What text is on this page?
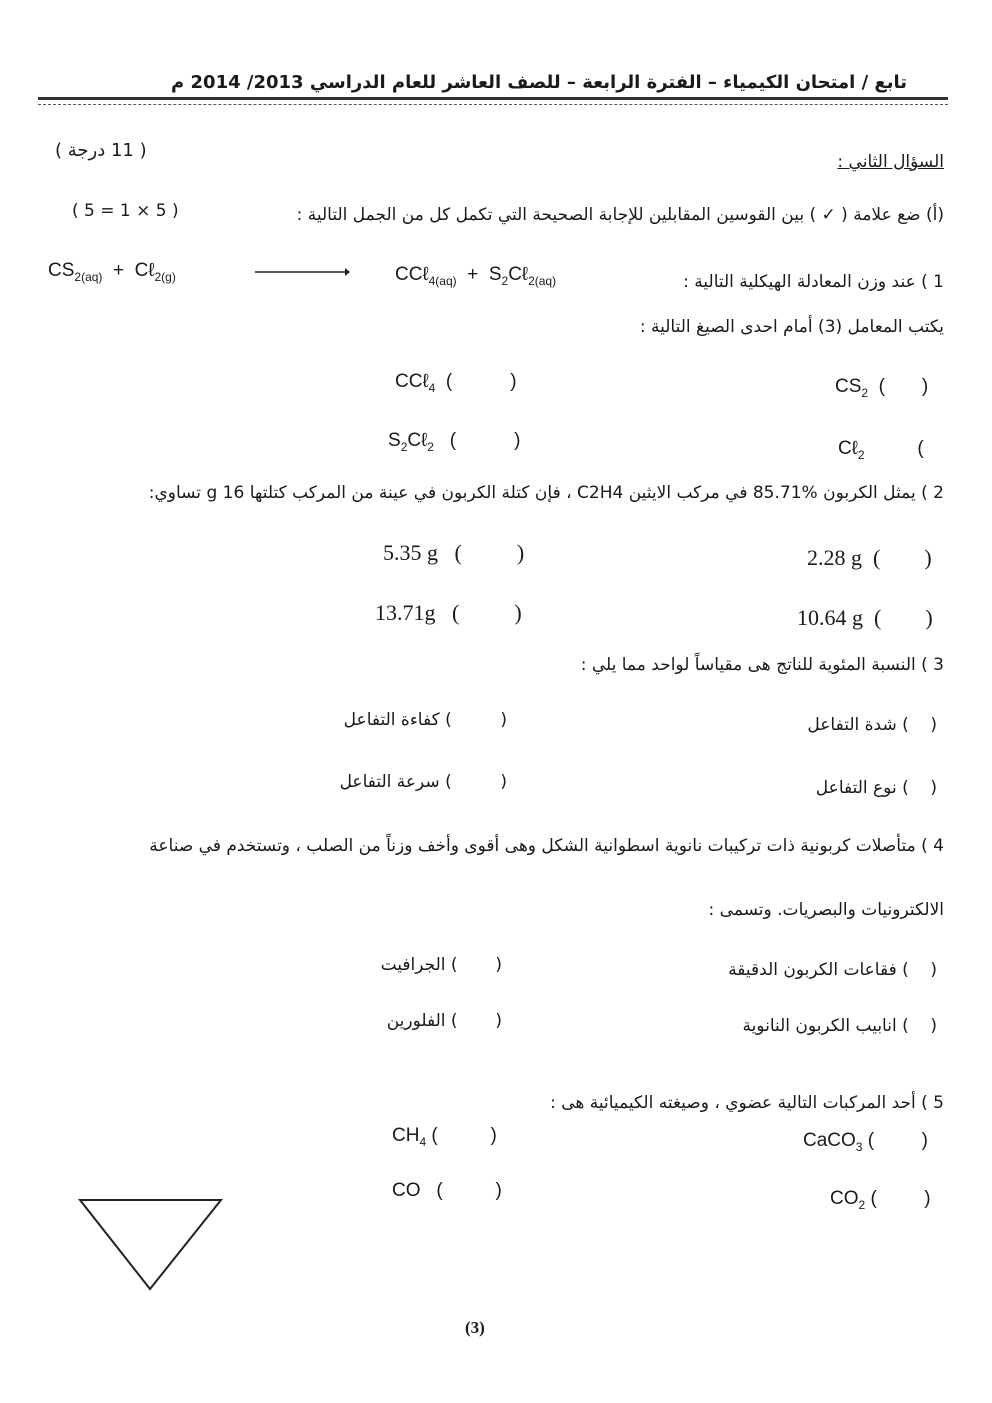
تابع / امتحان الكيمياء – الفترة الرابعة – للصف العاشر للعام الدراسي 2013/ 2014 م
( 11 درجة )
السؤال الثاني :
(أ) ضع علامة ( ✓ ) بين القوسين المقابلين للإجابة الصحيحة التي تكمل كل من الجمل التالية :
( 5 = 1 × 5 )
$CS_{2(aq)}$  +  Cℓ$_{2(g)}$	CCℓ$_{4(aq)}$  +  $S_2C\ell_{2(aq)}$	1 ) عند وزن المعادلة الهيكلية التالية :
يكتب المعامل (3) أمام احدى الصيغ التالية :
$CS_2$  (       )
CCℓ$_4$  (           )
Cℓ$_2$          (
$S_2C\ell_2$   (           )
2 ) يمثل الكربون %85.71 في مركب الايثين C2H4 ، فإن كتلة الكربون في عينة من المركب كتلتها 16 g تساوي:
2.28 g  (        )
5.35 g   (          )
10.64 g  (        )
13.71g   (          )
3 ) النسبة المئوية للناتج هى مقياساً لواحد مما يلي :
(    ) شدة التفاعل
(         ) كفاءة التفاعل
(    ) نوع التفاعل
(         ) سرعة التفاعل
4 ) متأصلات كربونية ذات تركيبات نانوية اسطوانية الشكل وهى أقوى وأخف وزناً من الصلب ، وتستخدم في صناعة
الالكترونيات والبصريات. وتسمى :
(    ) فقاعات الكربون الدقيقة
(       ) الجرافيت
(    ) انابيب الكربون النانوية
(       ) الفلورين
5 ) أحد المركبات التالية عضوي ، وصيغته الكيميائية هى :
CaCO$_3$ (         )
$CH_4$ (          )
$CO_2$ (         )
CO   (          )
(3)
